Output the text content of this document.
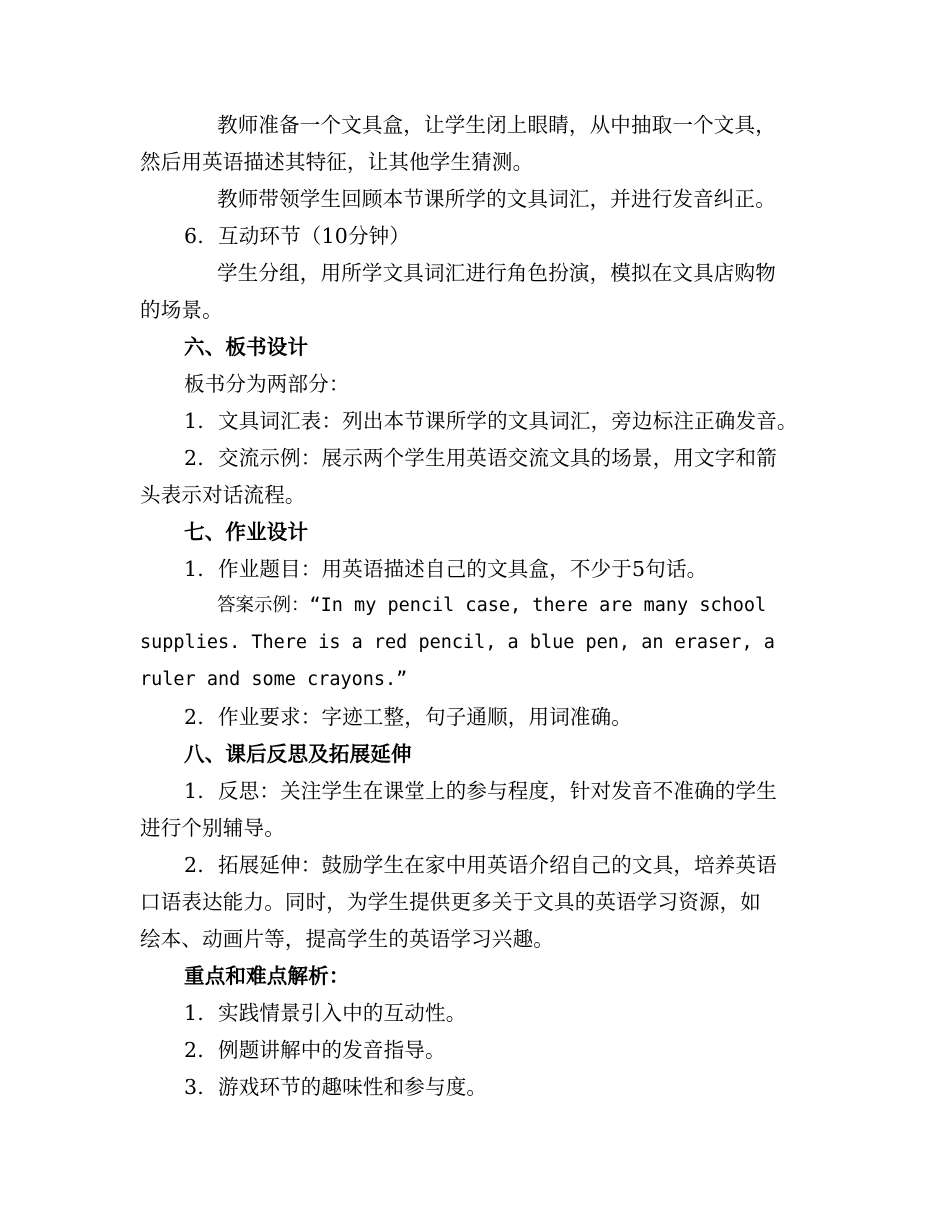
教师准备一个文具盒，让学生闭上眼睛，从中抽取一个文具，
然后用英语描述其特征，让其他学生猜测。
教师带领学生回顾本节课所学的文具词汇，并进行发音纠正。
6. 互动环节（10分钟）
学生分组，用所学文具词汇进行角色扮演，模拟在文具店购物
的场景。
六、板书设计
板书分为两部分：
1. 文具词汇表：列出本节课所学的文具词汇，旁边标注正确发音。
2. 交流示例：展示两个学生用英语交流文具的场景，用文字和箭
头表示对话流程。
七、作业设计
1. 作业题目：用英语描述自己的文具盒，不少于5句话。
答案示例：“In my pencil case, there are many school
supplies. There is a red pencil, a blue pen, an eraser, a
ruler and some crayons.”
2. 作业要求：字迹工整，句子通顺，用词准确。
八、课后反思及拓展延伸
1. 反思：关注学生在课堂上的参与程度，针对发音不准确的学生
进行个别辅导。
2. 拓展延伸：鼓励学生在家中用英语介绍自己的文具，培养英语
口语表达能力。同时，为学生提供更多关于文具的英语学习资源，如
绘本、动画片等，提高学生的英语学习兴趣。
重点和难点解析：
1. 实践情景引入中的互动性。
2. 例题讲解中的发音指导。
3. 游戏环节的趣味性和参与度。
